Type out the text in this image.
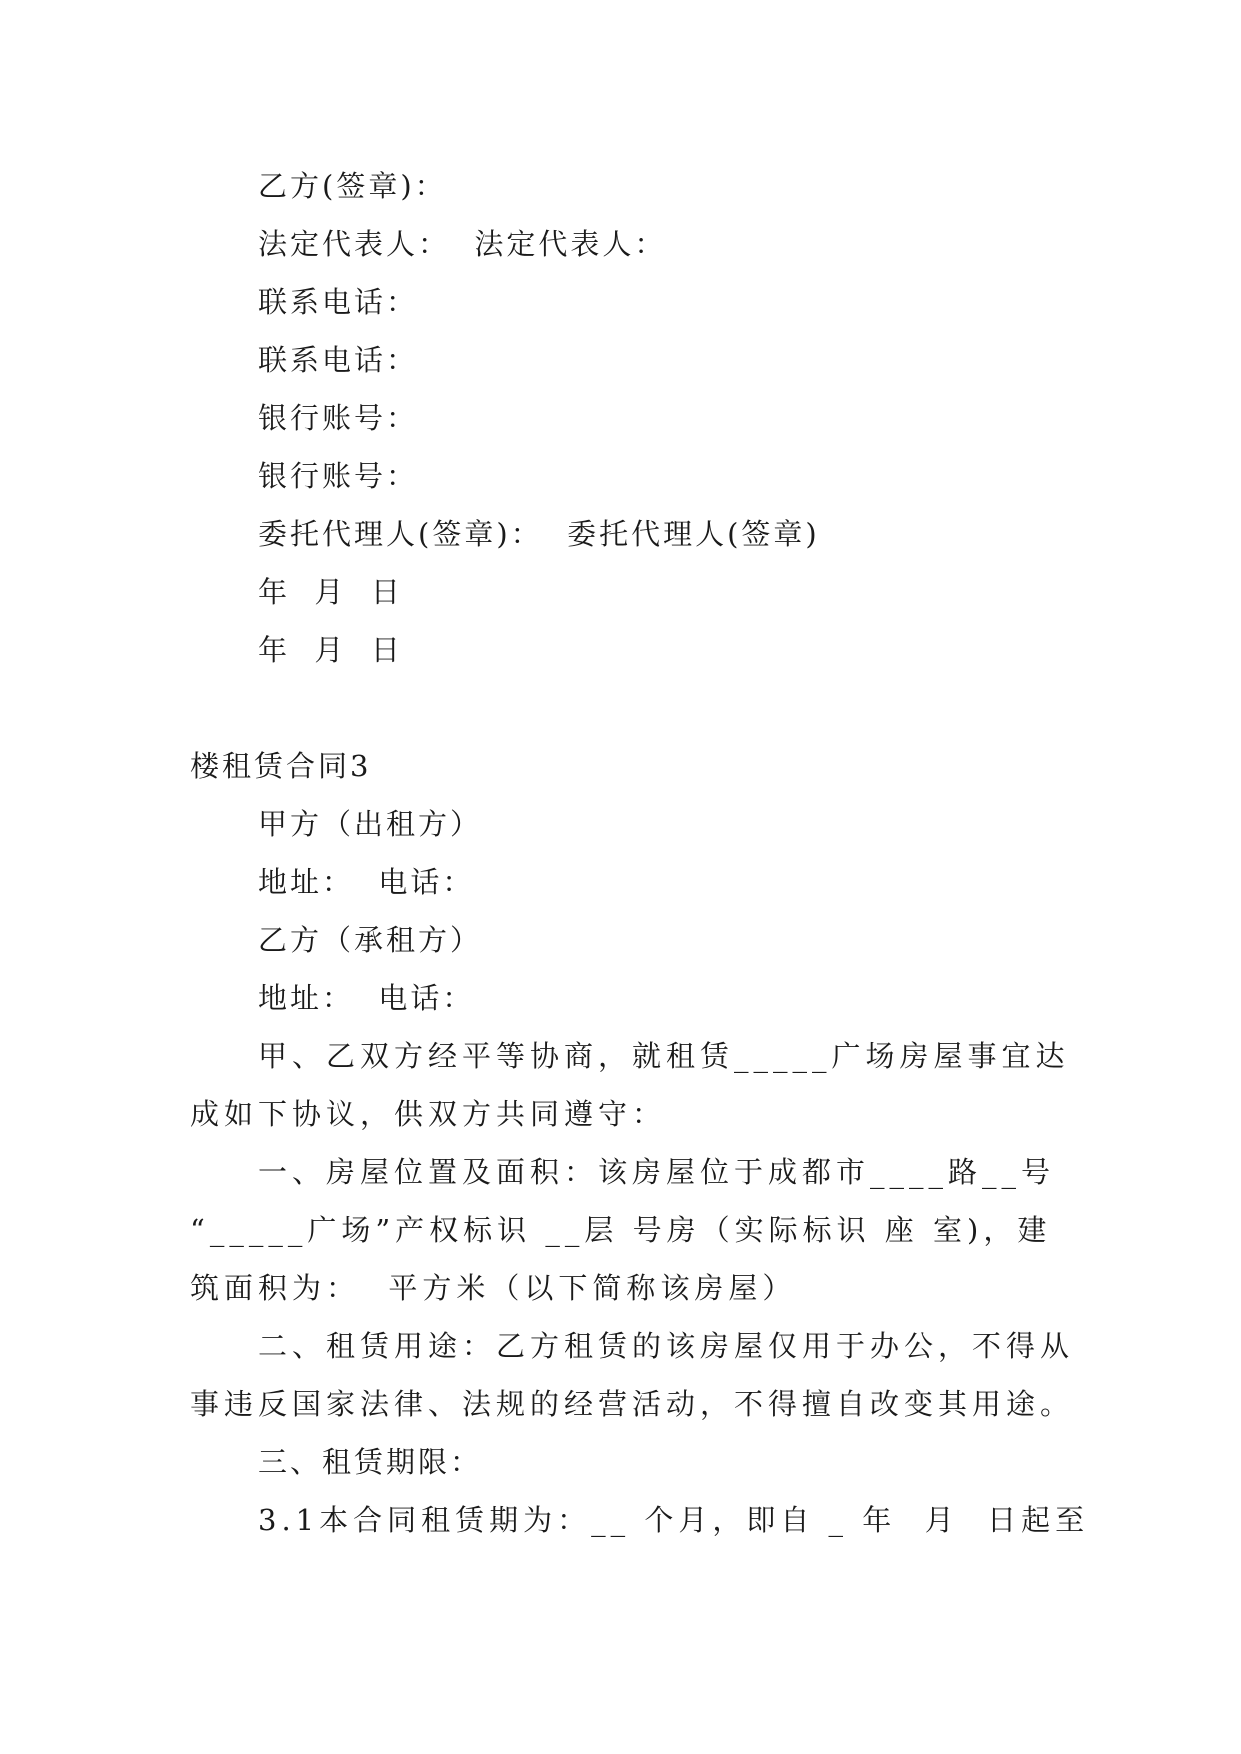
乙方(签章)：
法定代表人：  法定代表人：
联系电话：
联系电话：
银行账号：
银行账号：
委托代理人(签章)：  委托代理人(签章)
年  月  日
年  月  日
楼租赁合同3
甲方（出租方）
地址：  电话：
乙方（承租方）
地址：  电话：
甲、乙双方经平等协商，就租赁_____广场房屋事宜达
成如下协议，供双方共同遵守：
一、房屋位置及面积：该房屋位于成都市____路__号
“_____广场”产权标识 __层 号房（实际标识 座 室)，建
筑面积为：  平方米（以下简称该房屋）
二、租赁用途：乙方租赁的该房屋仅用于办公，不得从
事违反国家法律、法规的经营活动，不得擅自改变其用途。
三、租赁期限：
3.1本合同租赁期为：__ 个月，即自 _ 年  月  日起至
